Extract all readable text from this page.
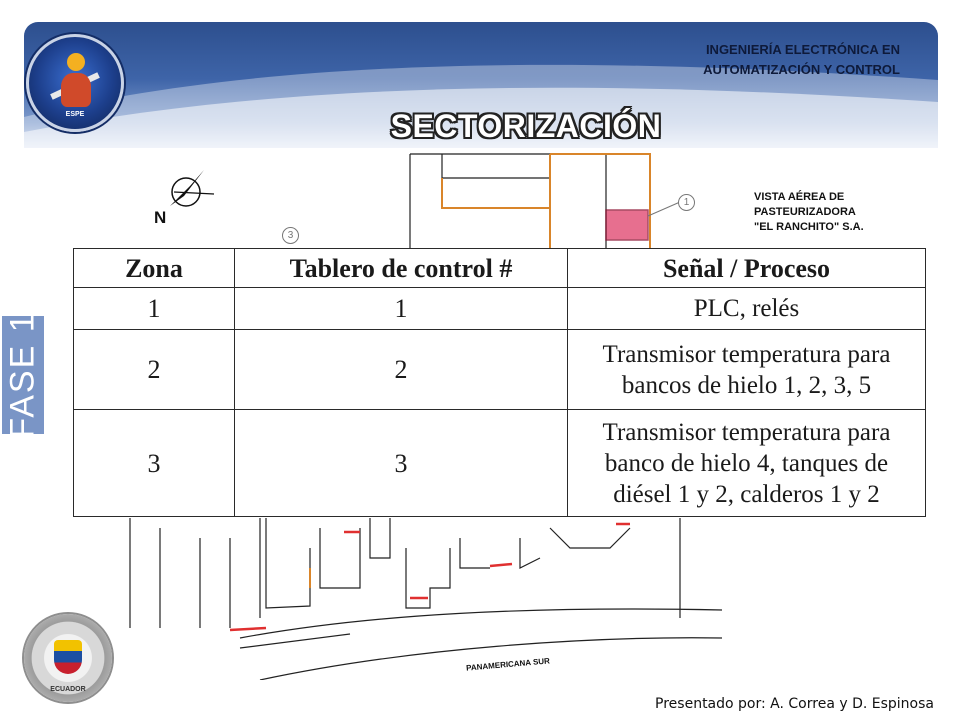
INGENIERÍA ELECTRÓNICA EN
AUTOMATIZACIÓN Y CONTROL
ESPE	SECTORIZACIÓN
FASE 1
N
1
3
VISTA AÉREA DE
PASTEURIZADORA
"EL RANCHITO" S.A.
PANAMERICANA SUR
Zona	Tablero de control #	Señal / Proceso
1	1	PLC, relés

2	2	Transmisor temperatura para
bancos de hielo 1, 2, 3, 5

3	3	Transmisor temperatura para
banco de hielo 4, tanques de
diésel 1 y 2, calderos 1 y 2
ECUADOR
Presentado por: A. Correa y D. Espinosa
